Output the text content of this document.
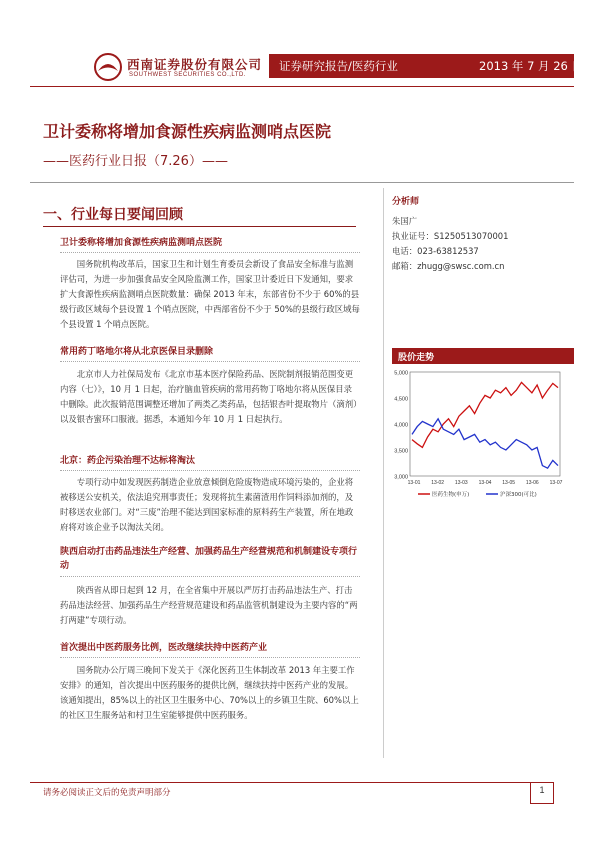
西南证券股份有限公司
SOUTHWEST SECURITIES CO.,LTD.
证券研究报告/医药行业	2013 年 7 月 26 日
卫计委称将增加食源性疾病监测哨点医院
——医药行业日报（7.26）——
一、行业每日要闻回顾
卫计委称将增加食源性疾病监测哨点医院
国务院机构改革后，国家卫生和计划生育委员会新设了食品安全标准与监测评估司，为进一步加强食品安全风险监测工作，国家卫计委近日下发通知，要求扩大食源性疾病监测哨点医院数量：确保 2013 年末，东部省份不少于 60%的县级行政区域每个县设置 1 个哨点医院，中西部省份不少于 50%的县级行政区域每个县设置 1 个哨点医院。
常用药丁咯地尔将从北京医保目录删除
北京市人力社保局发布《北京市基本医疗保险药品、医院制剂报销范围变更内容（七）》，10 月 1 日起，治疗脑血管疾病的常用药物丁咯地尔将从医保目录中删除。此次报销范围调整还增加了两类乙类药品，包括银杏叶提取物片（滴剂）以及银杏蜜环口服液。据悉，本通知今年 10 月 1 日起执行。
北京：药企污染治理不达标将淘汰
专项行动中如发现医药制造企业放意倾倒危险废物造成环境污染的，企业将被移送公安机关，依法追究刑事责任；发现将抗生素菌渣用作饲料添加剂的，及时移送农业部门。对“三废”治理不能达到国家标准的原料药生产装置，所在地政府将对该企业予以淘汰关闭。
陕西启动打击药品违法生产经营、加强药品生产经营规范和机制建设专项行动
陕西省从即日起到 12 月，在全省集中开展以严厉打击药品违法生产、打击药品违法经营、加强药品生产经营规范建设和药品监管机制建设为主要内容的“两打两建”专项行动。
首次提出中医药服务比例，医改继续扶持中医药产业
国务院办公厅周三晚间下发关于《深化医药卫生体制改革 2013 年主要工作安排》的通知，首次提出中医药服务的提供比例，继续扶持中医药产业的发展。该通知提出，85%以上的社区卫生服务中心、70%以上的乡镇卫生院、60%以上的社区卫生服务站和村卫生室能够提供中医药服务。
分析师
朱国广
执业证号：S1250513070001
电话：023-63812537
邮箱：zhugg@swsc.com.cn
股价走势
3,000
3,500
4,000
4,500
5,000
13-01 13-02 13-03 13-04 13-05 13-06 13-07
医药生物(申万)	沪深300(可比)
请务必阅读正文后的免责声明部分	1
